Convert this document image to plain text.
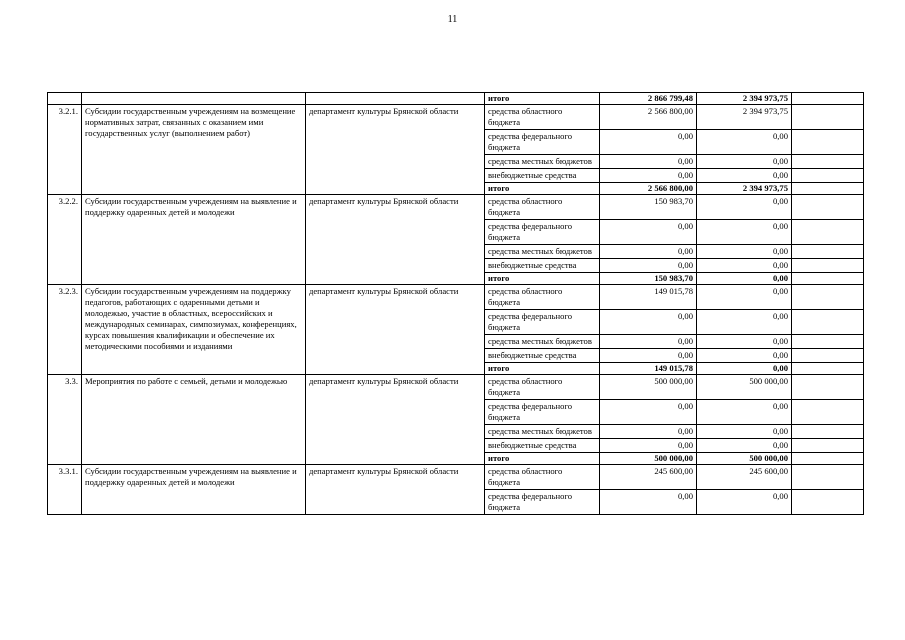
11
			итого	2 866 799,48	2 394 973,75	
3.2.1.	Субсидии государственным учреждениям на возмещение нормативных затрат, связанных с оказанием ими государственных услуг (выполнением работ)	департамент культуры Брянской области	средства областного бюджета	2 566 800,00	2 394 973,75	
			средства федерального бюджета	0,00	0,00	
			средства местных бюджетов	0,00	0,00	
			внебюджетные средства	0,00	0,00	
			итого	2 566 800,00	2 394 973,75	
3.2.2.	Субсидии государственным учреждениям на выявление и поддержку одаренных детей и молодежи	департамент культуры Брянской области	средства областного бюджета	150 983,70	0,00	
			средства федерального бюджета	0,00	0,00	
			средства местных бюджетов	0,00	0,00	
			внебюджетные средства	0,00	0,00	
			итого	150 983,70	0,00	
3.2.3.	Субсидии государственным учреждениям на поддержку педагогов, работающих с одаренными детьми и молодежью, участие в областных, всероссийских и международных семинарах, симпозиумах, конференциях, курсах повышения квалификации и обеспечение их методическими пособиями и изданиями	департамент культуры Брянской области	средства областного бюджета	149 015,78	0,00	
			средства федерального бюджета	0,00	0,00	
			средства местных бюджетов	0,00	0,00	
			внебюджетные средства	0,00	0,00	
			итого	149 015,78	0,00	
3.3.	Мероприятия по работе с семьей, детьми и молодежью	департамент культуры Брянской области	средства областного бюджета	500 000,00	500 000,00	
			средства федерального бюджета	0,00	0,00	
			средства местных бюджетов	0,00	0,00	
			внебюджетные средства	0,00	0,00	
			итого	500 000,00	500 000,00	
3.3.1.	Субсидии государственным учреждениям на выявление и поддержку одаренных детей и молодежи	департамент культуры Брянской области	средства областного бюджета	245 600,00	245 600,00	
			средства федерального бюджета	0,00	0,00	
